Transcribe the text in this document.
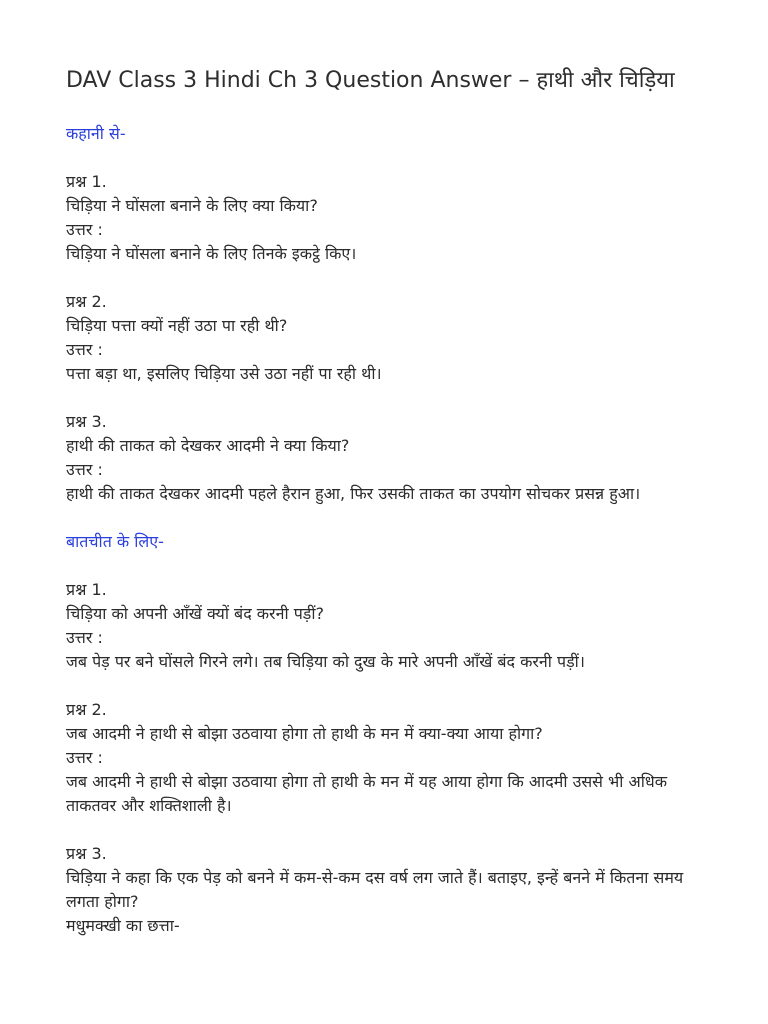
DAV Class 3 Hindi Ch 3 Question Answer – हाथी और चिड़िया
कहानी से-
प्रश्न 1.
चिड़िया ने घोंसला बनाने के लिए क्या किया?
उत्तर :
चिड़िया ने घोंसला बनाने के लिए तिनके इकट्ठे किए।
प्रश्न 2.
चिड़िया पत्ता क्यों नहीं उठा पा रही थी?
उत्तर :
पत्ता बड़ा था, इसलिए चिड़िया उसे उठा नहीं पा रही थी।
प्रश्न 3.
हाथी की ताकत को देखकर आदमी ने क्या किया?
उत्तर :
हाथी की ताकत देखकर आदमी पहले हैरान हुआ, फिर उसकी ताकत का उपयोग सोचकर प्रसन्न हुआ।
बातचीत के लिए-
प्रश्न 1.
चिड़िया को अपनी आँखें क्यों बंद करनी पड़ीं?
उत्तर :
जब पेड़ पर बने घोंसले गिरने लगे। तब चिड़िया को दुख के मारे अपनी आँखें बंद करनी पड़ीं।
प्रश्न 2.
जब आदमी ने हाथी से बोझा उठवाया होगा तो हाथी के मन में क्या-क्या आया होगा?
उत्तर :
जब आदमी ने हाथी से बोझा उठवाया होगा तो हाथी के मन में यह आया होगा कि आदमी उससे भी अधिक ताकतवर और शक्तिशाली है।
प्रश्न 3.
चिड़िया ने कहा कि एक पेड़ को बनने में कम-से-कम दस वर्ष लग जाते हैं। बताइए, इन्हें बनने में कितना समय लगता होगा?
मधुमक्खी का छत्ता-
